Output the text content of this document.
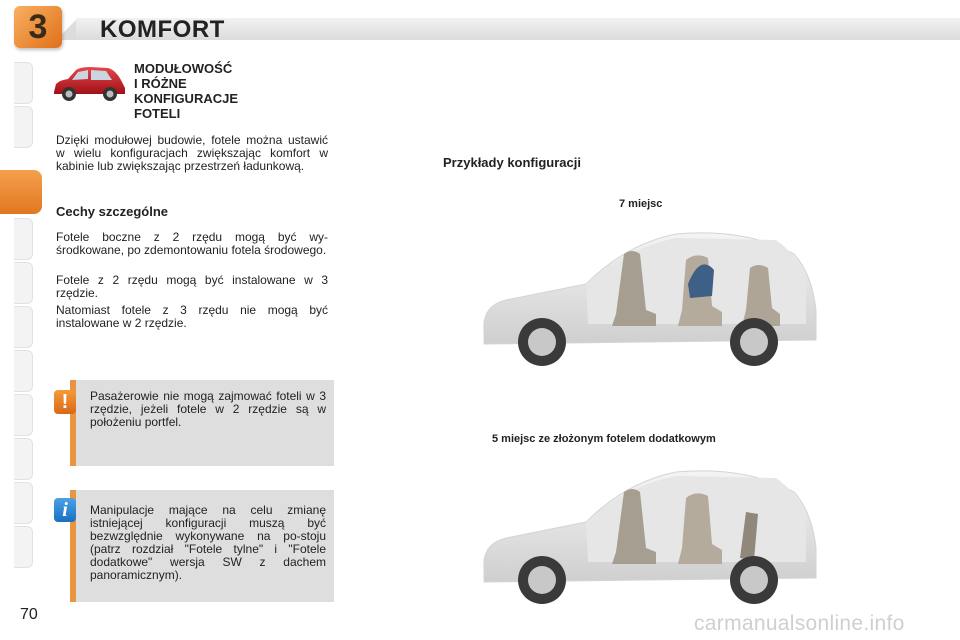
3	KOMFORT
MODUŁOWOŚĆ
I RÓŻNE
KONFIGURACJE
FOTELI
Dzięki modułowej budowie, fotele można ustawić w wielu konfiguracjach zwiększając komfort w kabinie lub zwiększając przestrzeń ładunkową.
Cechy szczególne
Fotele boczne z 2 rzędu mogą być wy-środkowane, po zdemontowaniu fotela środowego.
Fotele z 2 rzędu mogą być instalowane w 3 rzędzie.
Natomiast fotele z 3 rzędu nie mogą być instalowane w 2 rzędzie.
Pasażerowie nie mogą zajmować foteli w 3 rzędzie, jeżeli fotele w 2 rzędzie są w położeniu portfel.
!
Manipulacje mające na celu zmianę istniejącej konfiguracji muszą być bezwzględnie wykonywane na po-stoju (patrz rozdział "Fotele tylne" i "Fotele dodatkowe" wersja SW z dachem panoramicznym).
i
70
Przykłady konfiguracji
7 miejsc
5 miejsc ze złożonym fotelem dodatkowym
carmanualsonline.info
